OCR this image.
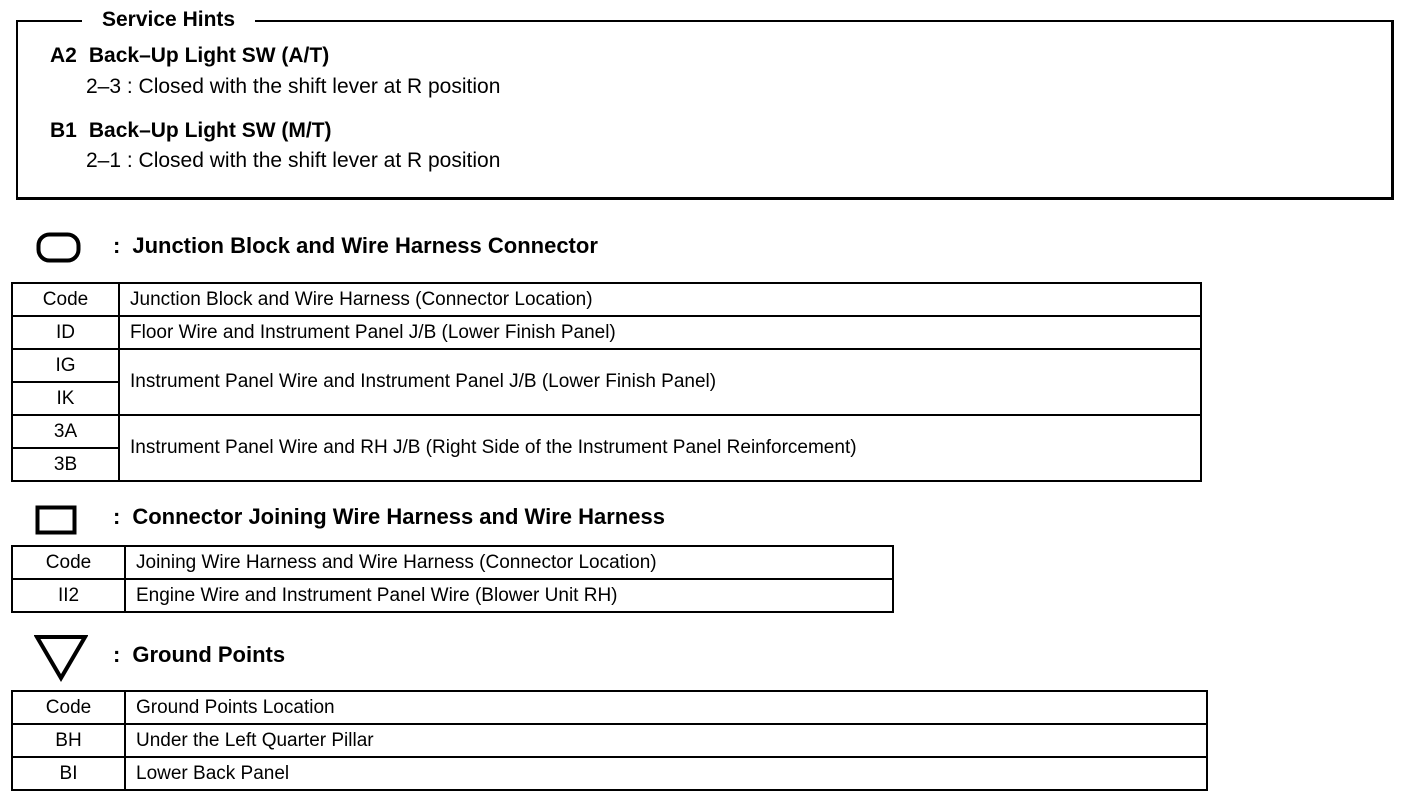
Service Hints
A2 Back–Up Light SW (A/T)
2–3 : Closed with the shift lever at R position
B1 Back–Up Light SW (M/T)
2–1 : Closed with the shift lever at R position
: Junction Block and Wire Harness Connector
Code	Junction Block and Wire Harness (Connector Location)
ID	Floor Wire and Instrument Panel J/B (Lower Finish Panel)
IG	Instrument Panel Wire and Instrument Panel J/B (Lower Finish Panel)
IK	
3A	Instrument Panel Wire and RH J/B (Right Side of the Instrument Panel Reinforcement)
3B	
: Connector Joining Wire Harness and Wire Harness
Code	Joining Wire Harness and Wire Harness (Connector Location)
II2	Engine Wire and Instrument Panel Wire (Blower Unit RH)
: Ground Points
Code	Ground Points Location
BH	Under the Left Quarter Pillar
BI	Lower Back Panel
